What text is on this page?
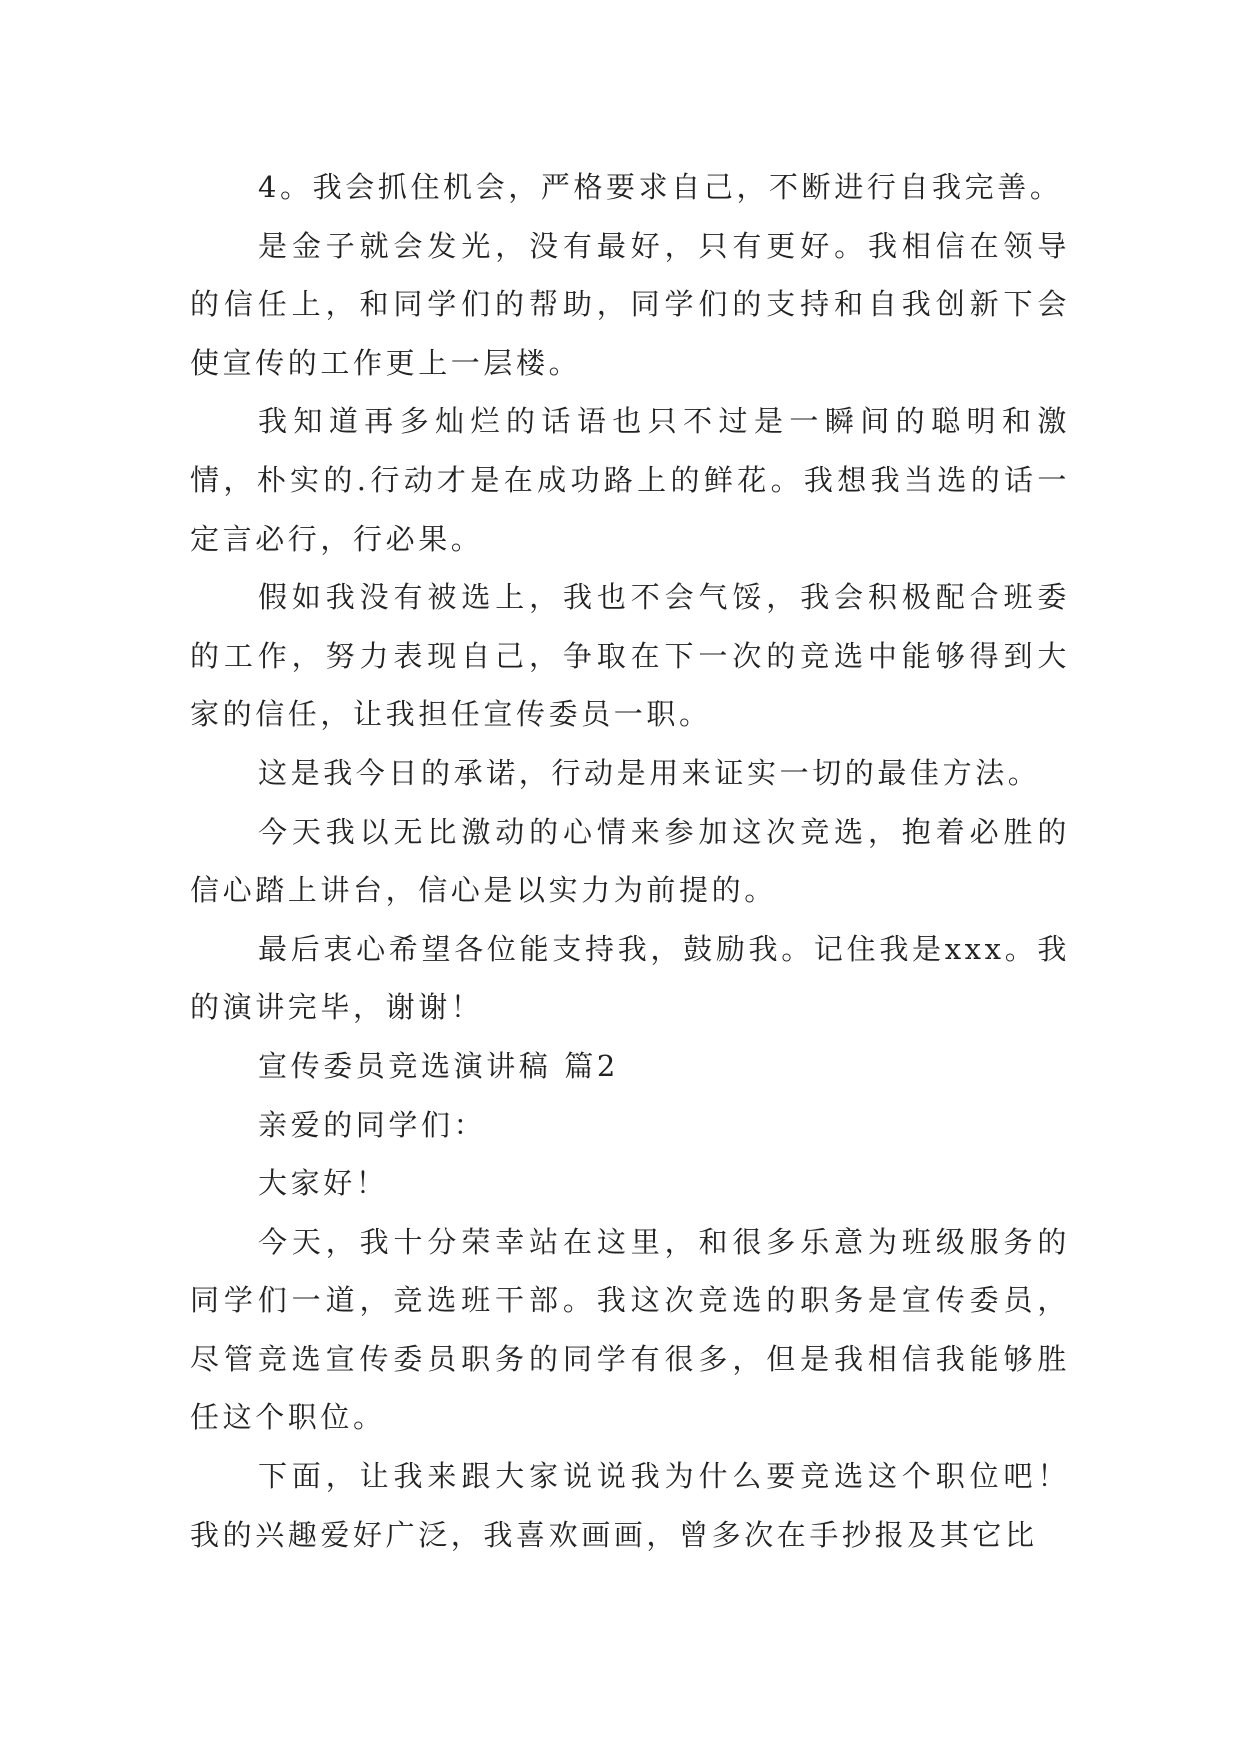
4。我会抓住机会，严格要求自己，不断进行自我完善。

是金子就会发光，没有最好，只有更好。我相信在领导的信任上，和同学们的帮助，同学们的支持和自我创新下会使宣传的工作更上一层楼。

我知道再多灿烂的话语也只不过是一瞬间的聪明和激情，朴实的.行动才是在成功路上的鲜花。我想我当选的话一定言必行，行必果。

假如我没有被选上，我也不会气馁，我会积极配合班委的工作，努力表现自己，争取在下一次的竞选中能够得到大家的信任，让我担任宣传委员一职。

这是我今日的承诺，行动是用来证实一切的最佳方法。

今天我以无比激动的心情来参加这次竞选，抱着必胜的信心踏上讲台，信心是以实力为前提的。

最后衷心希望各位能支持我，鼓励我。记住我是xxx。我的演讲完毕，谢谢！

宣传委员竞选演讲稿 篇2

亲爱的同学们：

大家好！

今天，我十分荣幸站在这里，和很多乐意为班级服务的同学们一道，竞选班干部。我这次竞选的职务是宣传委员，尽管竞选宣传委员职务的同学有很多，但是我相信我能够胜任这个职位。

下面，让我来跟大家说说我为什么要竞选这个职位吧！我的兴趣爱好广泛，我喜欢画画，曾多次在手抄报及其它比
